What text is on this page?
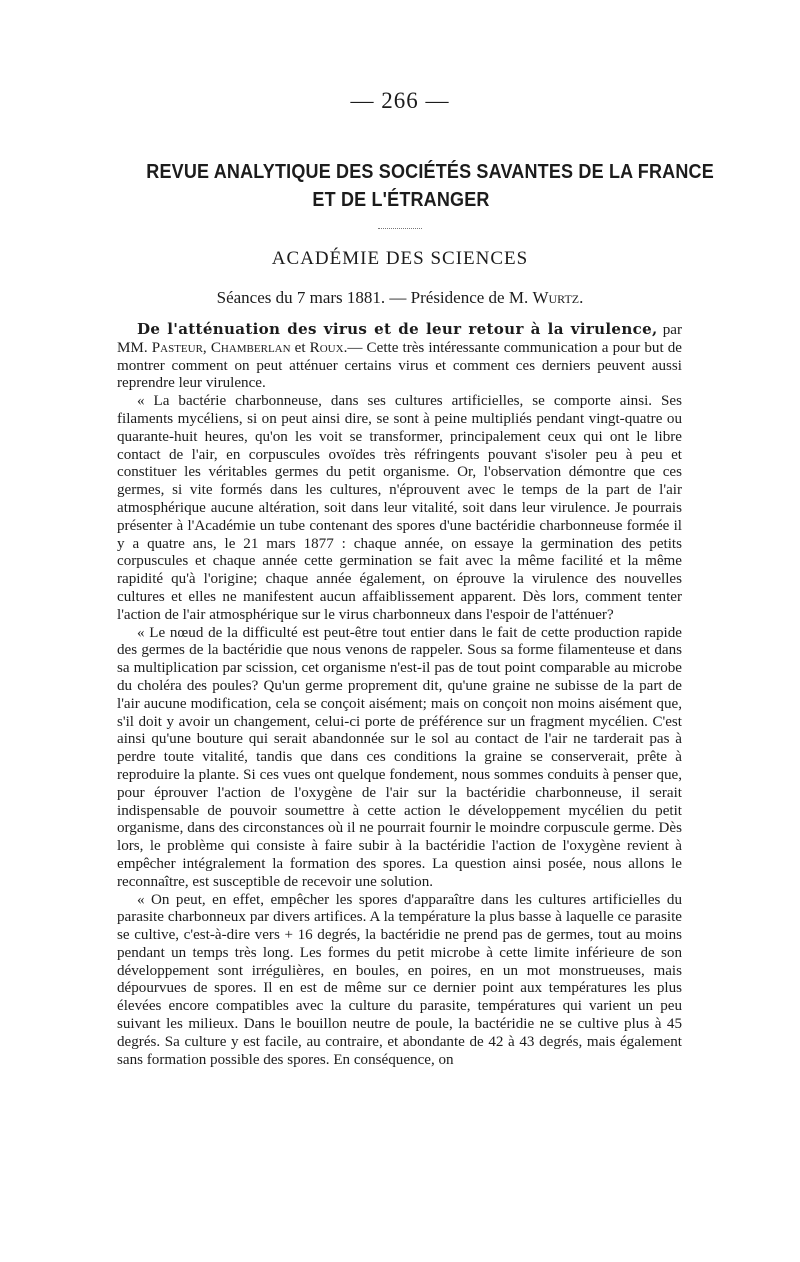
— 266 —
REVUE ANALYTIQUE DES SOCIÉTÉS SAVANTES DE LA FRANCE
ET DE L'ÉTRANGER
ACADÉMIE DES SCIENCES
Séances du 7 mars 1881. — Présidence de M. Wurtz.

De l'atténuation des virus et de leur retour à la virulence, par MM. Pasteur, Chamberlan et Roux.— Cette très intéressante communication a pour but de montrer comment on peut atténuer certains virus et comment ces derniers peuvent aussi reprendre leur virulence.

« La bactérie charbonneuse, dans ses cultures artificielles, se comporte ainsi. Ses filaments mycéliens, si on peut ainsi dire, se sont à peine multipliés pendant vingt-quatre ou quarante-huit heures, qu'on les voit se transformer, principalement ceux qui ont le libre contact de l'air, en corpuscules ovoïdes très réfringents pouvant s'isoler peu à peu et constituer les véritables germes du petit organisme. Or, l'observation démontre que ces germes, si vite formés dans les cultures, n'éprouvent avec le temps de la part de l'air atmosphérique aucune altération, soit dans leur vitalité, soit dans leur virulence. Je pourrais présenter à l'Académie un tube contenant des spores d'une bactéridie charbonneuse formée il y a quatre ans, le 21 mars 1877 : chaque année, on essaye la germination des petits corpuscules et chaque année cette germination se fait avec la même facilité et la même rapidité qu'à l'origine; chaque année également, on éprouve la virulence des nouvelles cultures et elles ne manifestent aucun affaiblissement apparent. Dès lors, comment tenter l'action de l'air atmosphérique sur le virus charbonneux dans l'espoir de l'atténuer?

« Le nœud de la difficulté est peut-être tout entier dans le fait de cette production rapide des germes de la bactéridie que nous venons de rappeler. Sous sa forme filamenteuse et dans sa multiplication par scission, cet organisme n'est-il pas de tout point comparable au microbe du choléra des poules? Qu'un germe proprement dit, qu'une graine ne subisse de la part de l'air aucune modification, cela se conçoit aisément; mais on conçoit non moins aisément que, s'il doit y avoir un changement, celui-ci porte de préférence sur un fragment mycélien. C'est ainsi qu'une bouture qui serait abandonnée sur le sol au contact de l'air ne tarderait pas à perdre toute vitalité, tandis que dans ces conditions la graine se conserverait, prête à reproduire la plante. Si ces vues ont quelque fondement, nous sommes conduits à penser que, pour éprouver l'action de l'oxygène de l'air sur la bactéridie charbonneuse, il serait indispensable de pouvoir soumettre à cette action le développement mycélien du petit organisme, dans des circonstances où il ne pourrait fournir le moindre corpuscule germe. Dès lors, le problème qui consiste à faire subir à la bactéridie l'action de l'oxygène revient à empêcher intégralement la formation des spores. La question ainsi posée, nous allons le reconnaître, est susceptible de recevoir une solution.

« On peut, en effet, empêcher les spores d'apparaître dans les cultures artificielles du parasite charbonneux par divers artifices. A la température la plus basse à laquelle ce parasite se cultive, c'est-à-dire vers + 16 degrés, la bactéridie ne prend pas de germes, tout au moins pendant un temps très long. Les formes du petit microbe à cette limite inférieure de son développement sont irrégulières, en boules, en poires, en un mot monstrueuses, mais dépourvues de spores. Il en est de même sur ce dernier point aux températures les plus élevées encore compatibles avec la culture du parasite, températures qui varient un peu suivant les milieux. Dans le bouillon neutre de poule, la bactéridie ne se cultive plus à 45 degrés. Sa culture y est facile, au contraire, et abondante de 42 à 43 degrés, mais également sans formation possible des spores. En conséquence, on
